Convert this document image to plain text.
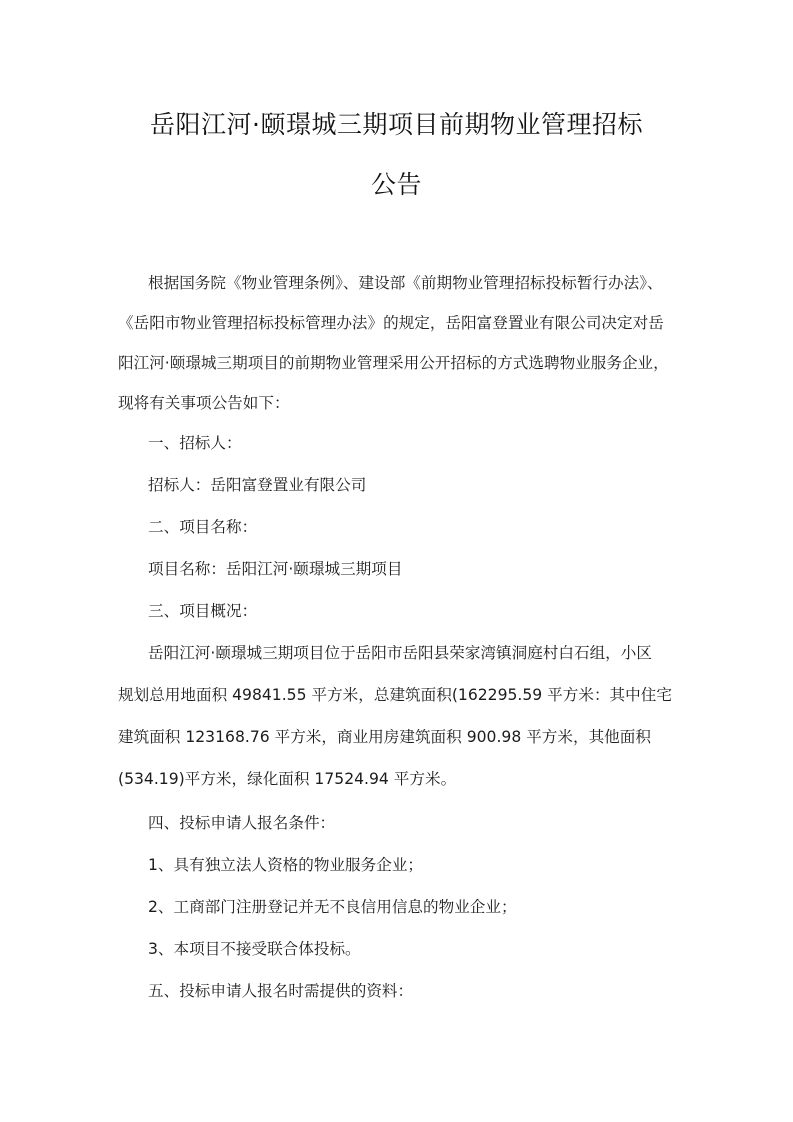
岳阳江河·颐璟城三期项目前期物业管理招标
公告
根据国务院《物业管理条例》、建设部《前期物业管理招标投标暂行办法》、
《岳阳市物业管理招标投标管理办法》的规定，岳阳富登置业有限公司决定对岳
阳江河·颐璟城三期项目的前期物业管理采用公开招标的方式选聘物业服务企业，
现将有关事项公告如下：
一、招标人：
招标人：岳阳富登置业有限公司
二、项目名称：
项目名称：岳阳江河·颐璟城三期项目
三、项目概况：
岳阳江河·颐璟城三期项目位于岳阳市岳阳县荣家湾镇洞庭村白石组，小区
规划总用地面积 49841.55 平方米，总建筑面积(162295.59 平方米：其中住宅
建筑面积 123168.76 平方米，商业用房建筑面积 900.98 平方米，其他面积
(534.19)平方米，绿化面积 17524.94 平方米。
四、投标申请人报名条件：
1、具有独立法人资格的物业服务企业；
2、工商部门注册登记并无不良信用信息的物业企业；
3、本项目不接受联合体投标。
五、投标申请人报名时需提供的资料：
